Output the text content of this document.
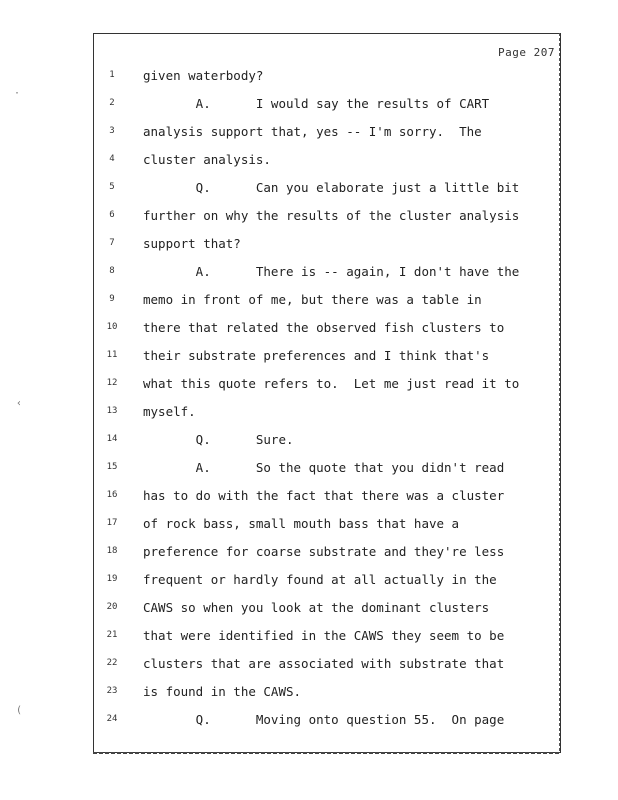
·
‹
(
Page 207
1	given waterbody?
2	A.      I would say the results of CART
3	analysis support that, yes -- I'm sorry.  The
4	cluster analysis.
5	Q.      Can you elaborate just a little bit
6	further on why the results of the cluster analysis
7	support that?
8	A.      There is -- again, I don't have the
9	memo in front of me, but there was a table in
10	there that related the observed fish clusters to
11	their substrate preferences and I think that's
12	what this quote refers to.  Let me just read it to
13	myself.
14	Q.      Sure.
15	A.      So the quote that you didn't read
16	has to do with the fact that there was a cluster
17	of rock bass, small mouth bass that have a
18	preference for coarse substrate and they're less
19	frequent or hardly found at all actually in the
20	CAWS so when you look at the dominant clusters
21	that were identified in the CAWS they seem to be
22	clusters that are associated with substrate that
23	is found in the CAWS.
24	Q.      Moving onto question 55.  On page
